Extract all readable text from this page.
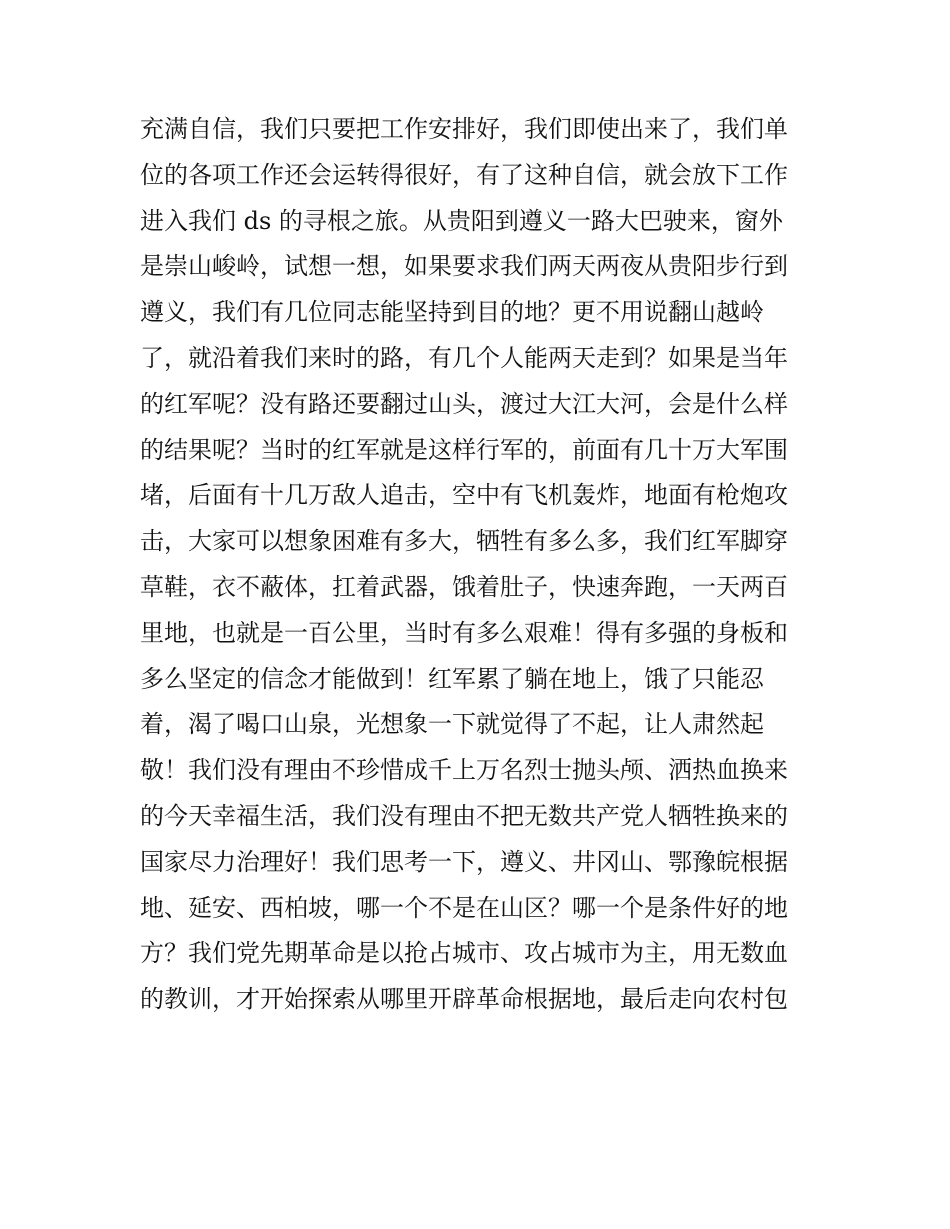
充满自信，我们只要把工作安排好，我们即使出来了，我们单
位的各项工作还会运转得很好，有了这种自信，就会放下工作
进入我们 ds 的寻根之旅。从贵阳到遵义一路大巴驶来，窗外
是崇山峻岭，试想一想，如果要求我们两天两夜从贵阳步行到
遵义，我们有几位同志能坚持到目的地？更不用说翻山越岭
了，就沿着我们来时的路，有几个人能两天走到？如果是当年
的红军呢？没有路还要翻过山头，渡过大江大河，会是什么样
的结果呢？当时的红军就是这样行军的，前面有几十万大军围
堵，后面有十几万敌人追击，空中有飞机轰炸，地面有枪炮攻
击，大家可以想象困难有多大，牺牲有多么多，我们红军脚穿
草鞋，衣不蔽体，扛着武器，饿着肚子，快速奔跑，一天两百
里地，也就是一百公里，当时有多么艰难！得有多强的身板和
多么坚定的信念才能做到！红军累了躺在地上，饿了只能忍
着，渴了喝口山泉，光想象一下就觉得了不起，让人肃然起
敬！我们没有理由不珍惜成千上万名烈士抛头颅、洒热血换来
的今天幸福生活，我们没有理由不把无数共产党人牺牲换来的
国家尽力治理好！我们思考一下，遵义、井冈山、鄂豫皖根据
地、延安、西柏坡，哪一个不是在山区？哪一个是条件好的地
方？我们党先期革命是以抢占城市、攻占城市为主，用无数血
的教训，才开始探索从哪里开辟革命根据地，最后走向农村包
